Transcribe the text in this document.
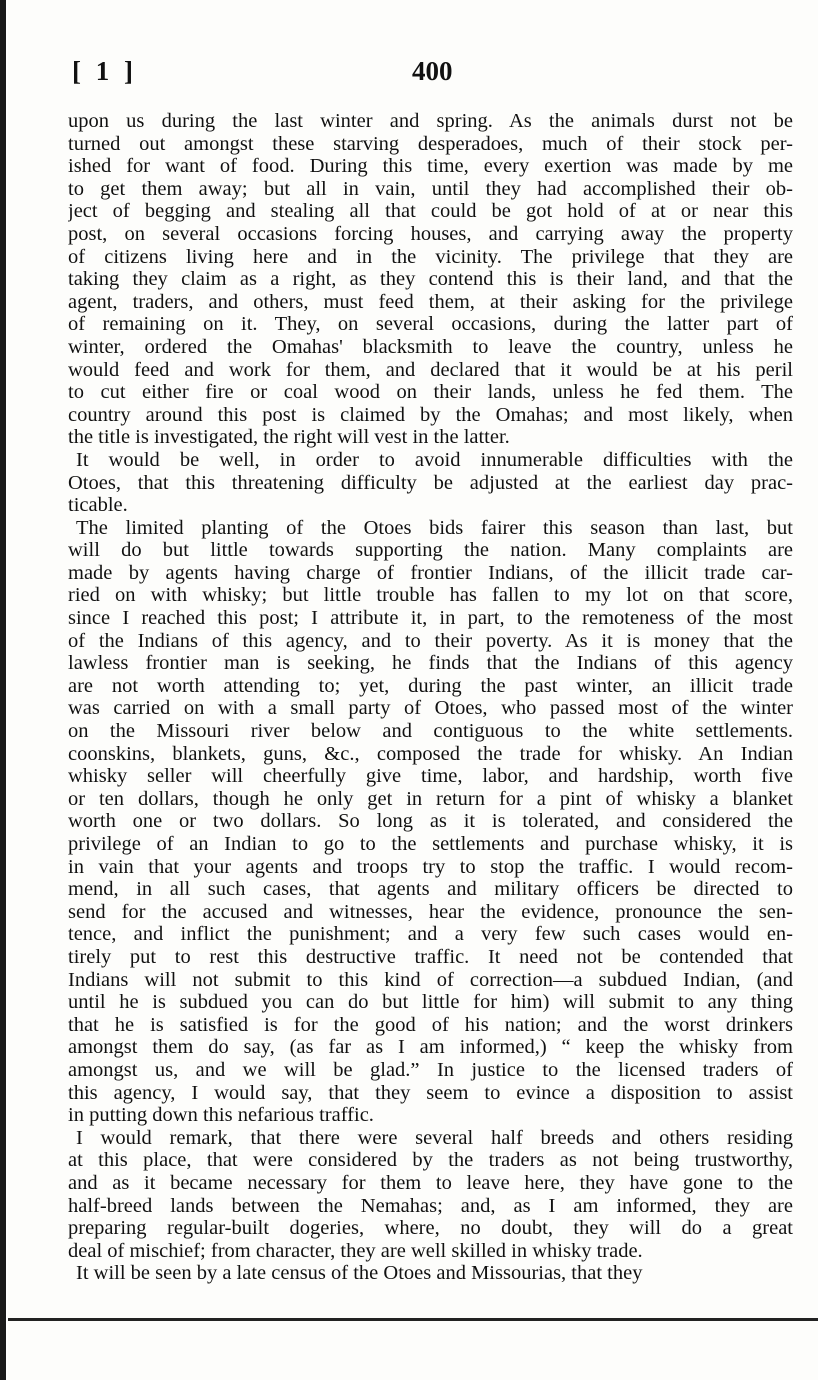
[ 1 ]	400

upon us during the last winter and spring. As the animals durst not be
turned out amongst these starving desperadoes, much of their stock per-
ished for want of food. During this time, every exertion was made by me
to get them away; but all in vain, until they had accomplished their ob-
ject of begging and stealing all that could be got hold of at or near this
post, on several occasions forcing houses, and carrying away the property
of citizens living here and in the vicinity. The privilege that they are
taking they claim as a right, as they contend this is their land, and that the
agent, traders, and others, must feed them, at their asking for the privilege
of remaining on it. They, on several occasions, during the latter part of
winter, ordered the Omahas' blacksmith to leave the country, unless he
would feed and work for them, and declared that it would be at his peril
to cut either fire or coal wood on their lands, unless he fed them. The
country around this post is claimed by the Omahas; and most likely, when
the title is investigated, the right will vest in the latter.

It would be well, in order to avoid innumerable difficulties with the
Otoes, that this threatening difficulty be adjusted at the earliest day prac-
ticable.

The limited planting of the Otoes bids fairer this season than last, but
will do but little towards supporting the nation. Many complaints are
made by agents having charge of frontier Indians, of the illicit trade car-
ried on with whisky; but little trouble has fallen to my lot on that score,
since I reached this post; I attribute it, in part, to the remoteness of the most
of the Indians of this agency, and to their poverty. As it is money that the
lawless frontier man is seeking, he finds that the Indians of this agency
are not worth attending to; yet, during the past winter, an illicit trade
was carried on with a small party of Otoes, who passed most of the winter
on the Missouri river below and contiguous to the white settlements.
coonskins, blankets, guns, &c., composed the trade for whisky. An Indian
whisky seller will cheerfully give time, labor, and hardship, worth five
or ten dollars, though he only get in return for a pint of whisky a blanket
worth one or two dollars. So long as it is tolerated, and considered the
privilege of an Indian to go to the settlements and purchase whisky, it is
in vain that your agents and troops try to stop the traffic. I would recom-
mend, in all such cases, that agents and military officers be directed to
send for the accused and witnesses, hear the evidence, pronounce the sen-
tence, and inflict the punishment; and a very few such cases would en-
tirely put to rest this destructive traffic. It need not be contended that
Indians will not submit to this kind of correction—a subdued Indian, (and
until he is subdued you can do but little for him) will submit to any thing
that he is satisfied is for the good of his nation; and the worst drinkers
amongst them do say, (as far as I am informed,) “ keep the whisky from
amongst us, and we will be glad.” In justice to the licensed traders of
this agency, I would say, that they seem to evince a disposition to assist
in putting down this nefarious traffic.

I would remark, that there were several half breeds and others residing
at this place, that were considered by the traders as not being trustworthy,
and as it became necessary for them to leave here, they have gone to the
half-breed lands between the Nemahas; and, as I am informed, they are
preparing regular-built dogeries, where, no doubt, they will do a great
deal of mischief; from character, they are well skilled in whisky trade.

It will be seen by a late census of the Otoes and Missourias, that they
